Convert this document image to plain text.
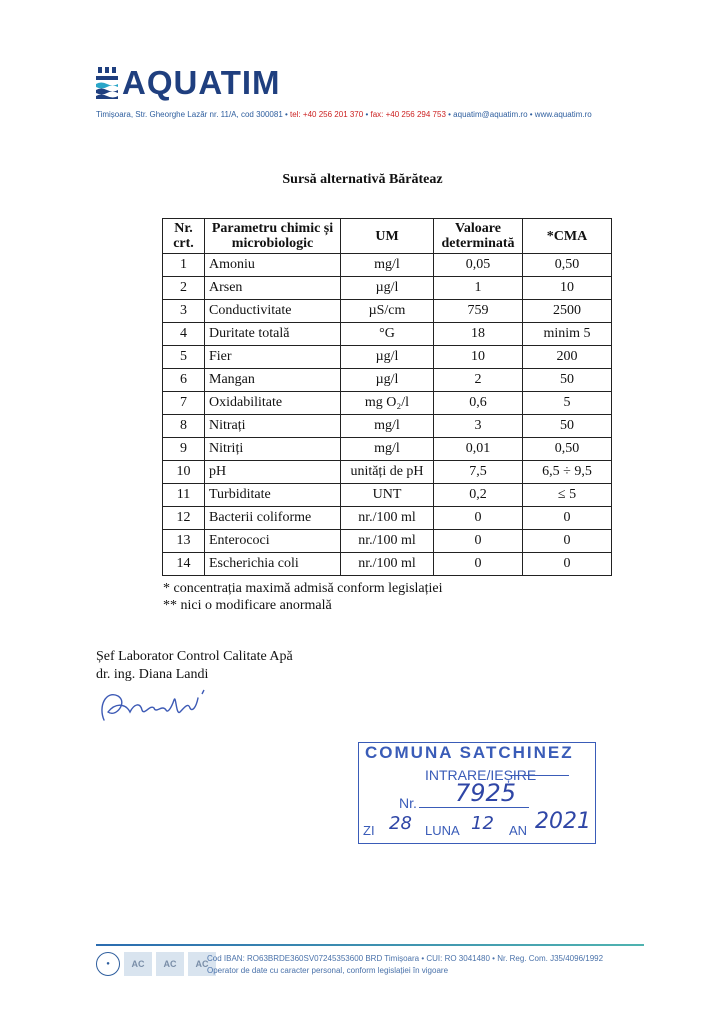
AQUATIM
Timișoara, Str. Gheorghe Lazăr nr. 11/A, cod 300081 • tel: +40 256 201 370 • fax: +40 256 294 753 • aquatim@aquatim.ro • www.aquatim.ro
Sursă alternativă Bărăteaz
Nr. crt.	Parametru chimic și microbiologic	UM	Valoare determinată	*CMA
1	Amoniu	mg/l	0,05	0,50
2	Arsen	µg/l	1	10
3	Conductivitate	µS/cm	759	2500
4	Duritate totală	°G	18	minim 5
5	Fier	µg/l	10	200
6	Mangan	µg/l	2	50
7	Oxidabilitate	mg O₂/l	0,6	5
8	Nitrați	mg/l	3	50
9	Nitriți	mg/l	0,01	0,50
10	pH	unități de pH	7,5	6,5 ÷ 9,5
11	Turbiditate	UNT	0,2	≤ 5
12	Bacterii coliforme	nr./100 ml	0	0
13	Enterococi	nr./100 ml	0	0
14	Escherichia coli	nr./100 ml	0	0
* concentrația maximă admisă conform legislației
** nici o modificare anormală
Șef Laborator Control Calitate Apă
dr. ing. Diana Landi
COMUNA SATCHINEZ
INTRARE/IEȘIRE
Nr. 7925
ZI 28 LUNA 12 AN 2021
●	AC	AC	AC
Cod IBAN: RO63BRDE360SV07245353600 BRD Timișoara • CUI: RO 3041480 • Nr. Reg. Com. J35/4096/1992
Operator de date cu caracter personal, conform legislației în vigoare
